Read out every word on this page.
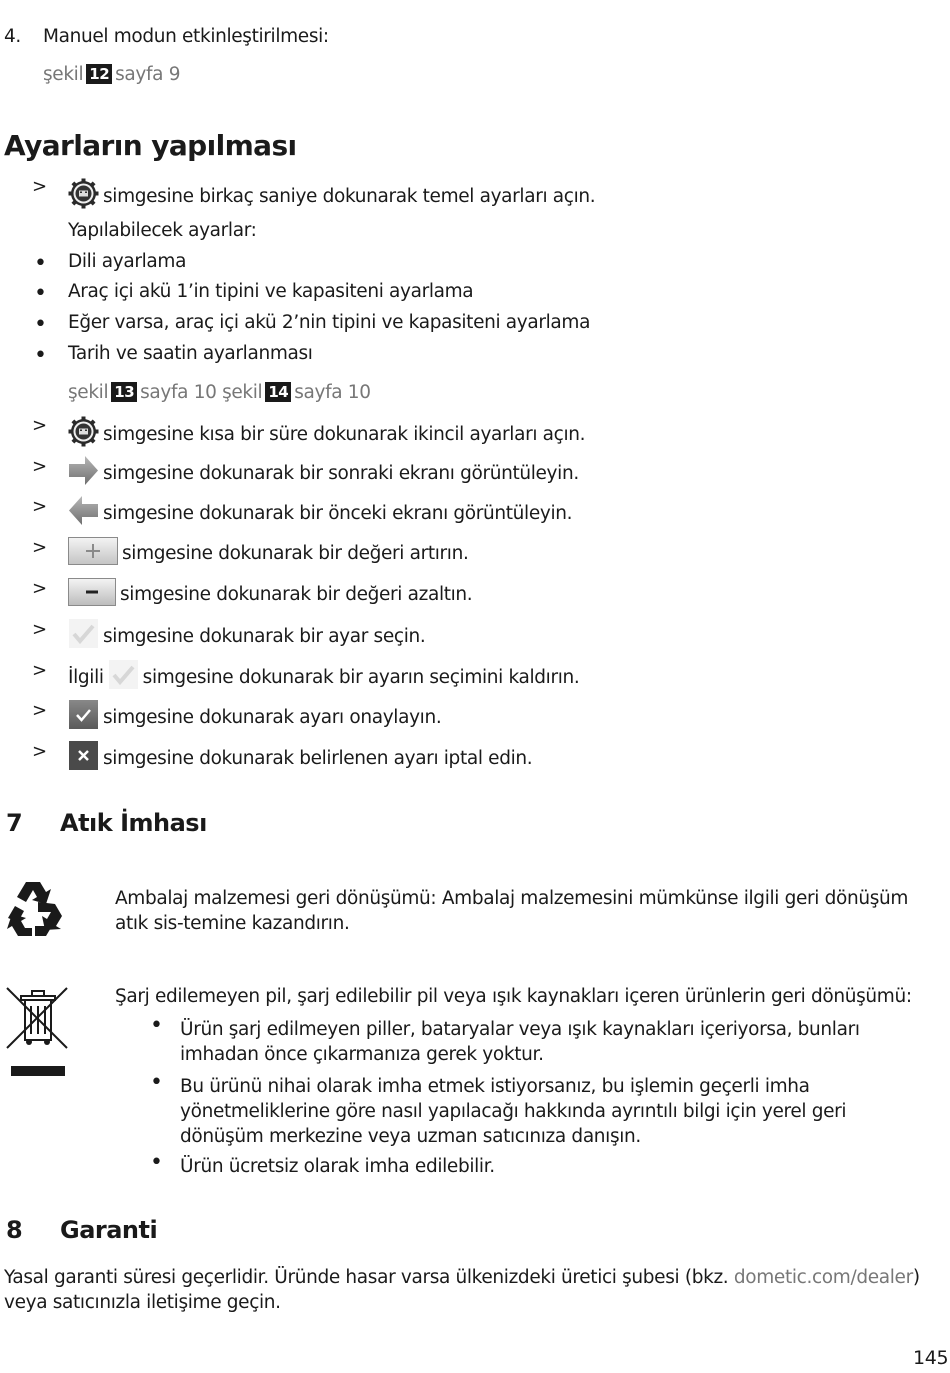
4. Manuel modun etkinleştirilmesi:
şekil 12 sayfa 9
Ayarların yapılması
>	simgesine birkaç saniye dokunarak temel ayarları açın.
Yapılabilecek ayarlar:
• Dili ayarlama
• Araç içi akü 1’in tipini ve kapasiteni ayarlama
• Eğer varsa, araç içi akü 2’nin tipini ve kapasiteni ayarlama
• Tarih ve saatin ayarlanması
şekil 13 sayfa 10 şekil 14 sayfa 10
>	simgesine kısa bir süre dokunarak ikincil ayarları açın.
>	simgesine dokunarak bir sonraki ekranı görüntüleyin.
>	simgesine dokunarak bir önceki ekranı görüntüleyin.
>	simgesine dokunarak bir değeri artırın.
>	simgesine dokunarak bir değeri azaltın.
>	simgesine dokunarak bir ayar seçin.
> İlgili simgesine dokunarak bir ayarın seçimini kaldırın.
>	simgesine dokunarak ayarı onaylayın.
>	simgesine dokunarak belirlenen ayarı iptal edin.
7 Atık İmhası
Ambalaj malzemesi geri dönüşümü: Ambalaj malzemesini mümkünse ilgili geri dönüşüm atık sis-temine kazandırın.
Şarj edilemeyen pil, şarj edilebilir pil veya ışık kaynakları içeren ürünlerin geri dönüşümü:
• Ürün şarj edilmeyen piller, bataryalar veya ışık kaynakları içeriyorsa, bunları imhadan önce çıkarmanıza gerek yoktur.
• Bu ürünü nihai olarak imha etmek istiyorsanız, bu işlemin geçerli imha yönetmeliklerine göre nasıl yapılacağı hakkında ayrıntılı bilgi için yerel geri dönüşüm merkezine veya uzman satıcınıza danışın.
• Ürün ücretsiz olarak imha edilebilir.
8 Garanti
Yasal garanti süresi geçerlidir. Üründe hasar varsa ülkenizdeki üretici şubesi (bkz. dometic.com/dealer) veya satıcınızla iletişime geçin.
145
